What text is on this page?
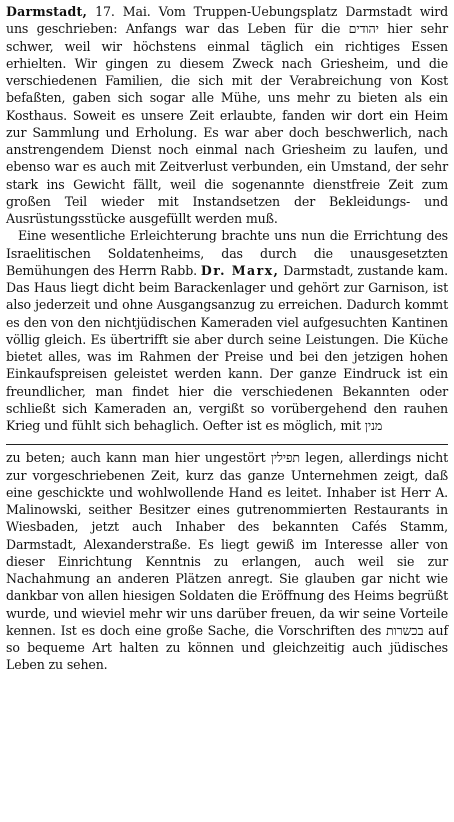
Darmstadt, 17. Mai. Vom Truppen-Uebungsplatz Darmstadt wird uns geschrieben: Anfangs war das Leben für die יהודים hier sehr schwer, weil wir höchstens einmal täglich ein richtiges Essen erhielten. Wir gingen zu diesem Zweck nach Griesheim, und die verschiedenen Familien, die sich mit der Verabreichung von Kost befaßten, gaben sich sogar alle Mühe, uns mehr zu bieten als ein Kosthaus. Soweit es unsere Zeit erlaubte, fanden wir dort ein Heim zur Sammlung und Erholung. Es war aber doch beschwerlich, nach anstrengendem Dienst noch einmal nach Griesheim zu laufen, und ebenso war es auch mit Zeitverlust verbunden, ein Umstand, der sehr stark ins Gewicht fällt, weil die sogenannte dienstfreie Zeit zum großen Teil wieder mit Instandsetzen der Bekleidungs- und Ausrüstungsstücke ausgefüllt werden muß.

Eine wesentliche Erleichterung brachte uns nun die Errichtung des Israelitischen Soldatenheims, das durch die unausgesetzten Bemühungen des Herrn Rabb. Dr. Marx, Darmstadt, zustande kam. Das Haus liegt dicht beim Barackenlager und gehört zur Garnison, ist also jederzeit und ohne Ausgangsanzug zu erreichen. Dadurch kommt es den von den nichtjüdischen Kameraden viel aufgesuchten Kantinen völlig gleich. Es übertrifft sie aber durch seine Leistungen. Die Küche bietet alles, was im Rahmen der Preise und bei den jetzigen hohen Einkaufspreisen geleistet werden kann. Der ganze Eindruck ist ein freundlicher, man findet hier die verschiedenen Bekannten oder schließt sich Kameraden an, vergißt so vorübergehend den rauhen Krieg und fühlt sich behaglich. Oefter ist es möglich, mit מנין

zu beten; auch kann man hier ungestört תפילין legen, allerdings nicht zur vorgeschriebenen Zeit, kurz das ganze Unternehmen zeigt, daß eine geschickte und wohlwollende Hand es leitet. Inhaber ist Herr A. Malinowski, seither Besitzer eines gutrenommierten Restaurants in Wiesbaden, jetzt auch Inhaber des bekannten Cafés Stamm, Darmstadt, Alexanderstraße. Es liegt gewiß im Interesse aller von dieser Einrichtung Kenntnis zu erlangen, auch weil sie zur Nachahmung an anderen Plätzen anregt. Sie glauben gar nicht wie dankbar von allen hiesigen Soldaten die Eröffnung des Heims begrüßt wurde, und wieviel mehr wir uns darüber freuen, da wir seine Vorteile kennen. Ist es doch eine große Sache, die Vorschriften des בכשרות auf so bequeme Art halten zu können und gleichzeitig auch jüdisches Leben zu sehen.
